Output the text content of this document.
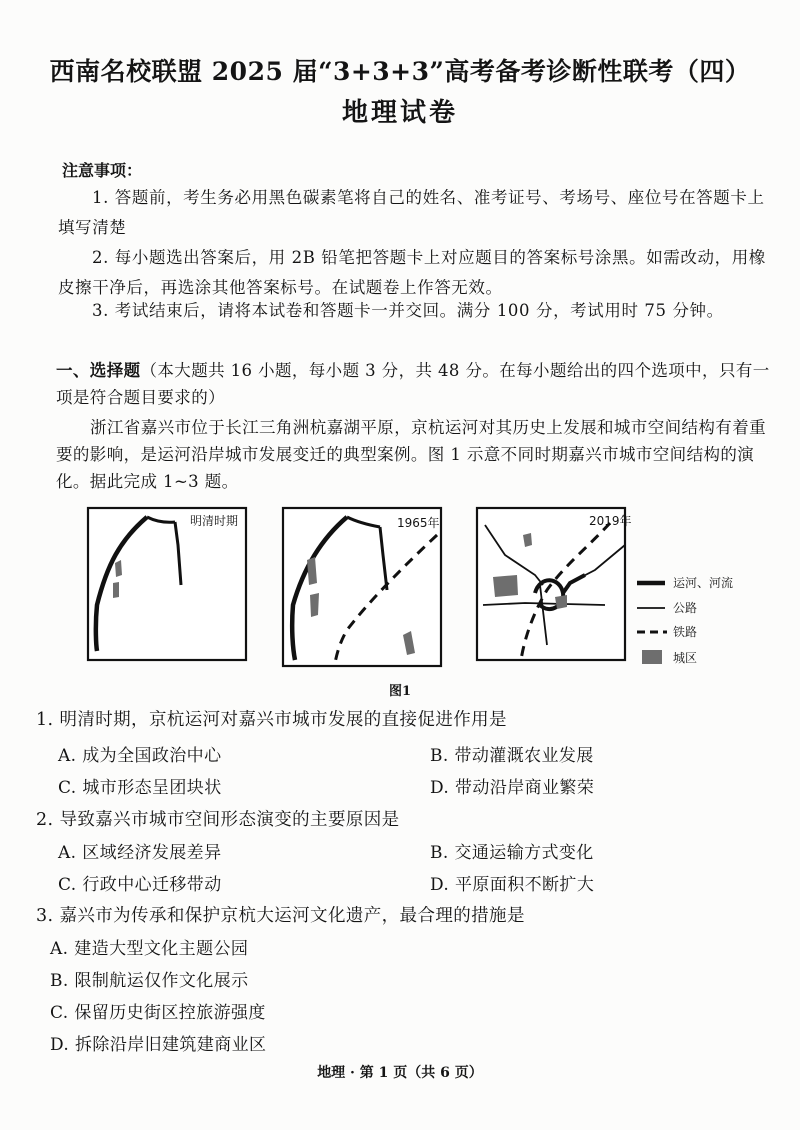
西南名校联盟 2025 届“3+3+3”高考备考诊断性联考（四）
地理试卷
注意事项：
1. 答题前，考生务必用黑色碳素笔将自己的姓名、准考证号、考场号、座位号在答题卡上填写清楚
2. 每小题选出答案后，用 2B 铅笔把答题卡上对应题目的答案标号涂黑。如需改动，用橡皮擦干净后，再选涂其他答案标号。在试题卷上作答无效。
3. 考试结束后，请将本试卷和答题卡一并交回。满分 100 分，考试用时 75 分钟。
一、选择题（本大题共 16 小题，每小题 3 分，共 48 分。在每小题给出的四个选项中，只有一项是符合题目要求的）
浙江省嘉兴市位于长江三角洲杭嘉湖平原，京杭运河对其历史上发展和城市空间结构有着重要的影响，是运河沿岸城市发展变迁的典型案例。图 1 示意不同时期嘉兴市城市空间结构的演化。据此完成 1~3 题。
明清时期	1965年	2019年
运河、河流
公路
铁路
城区
图1
1. 明清时期，京杭运河对嘉兴市城市发展的直接促进作用是
A. 成为全国政治中心	B. 带动灌溉农业发展
C. 城市形态呈团块状	D. 带动沿岸商业繁荣
2. 导致嘉兴市城市空间形态演变的主要原因是
A. 区域经济发展差异	B. 交通运输方式变化
C. 行政中心迁移带动	D. 平原面积不断扩大
3. 嘉兴市为传承和保护京杭大运河文化遗产，最合理的措施是
A. 建造大型文化主题公园
B. 限制航运仅作文化展示
C. 保留历史街区控旅游强度
D. 拆除沿岸旧建筑建商业区
地理 · 第 1 页（共 6 页）
